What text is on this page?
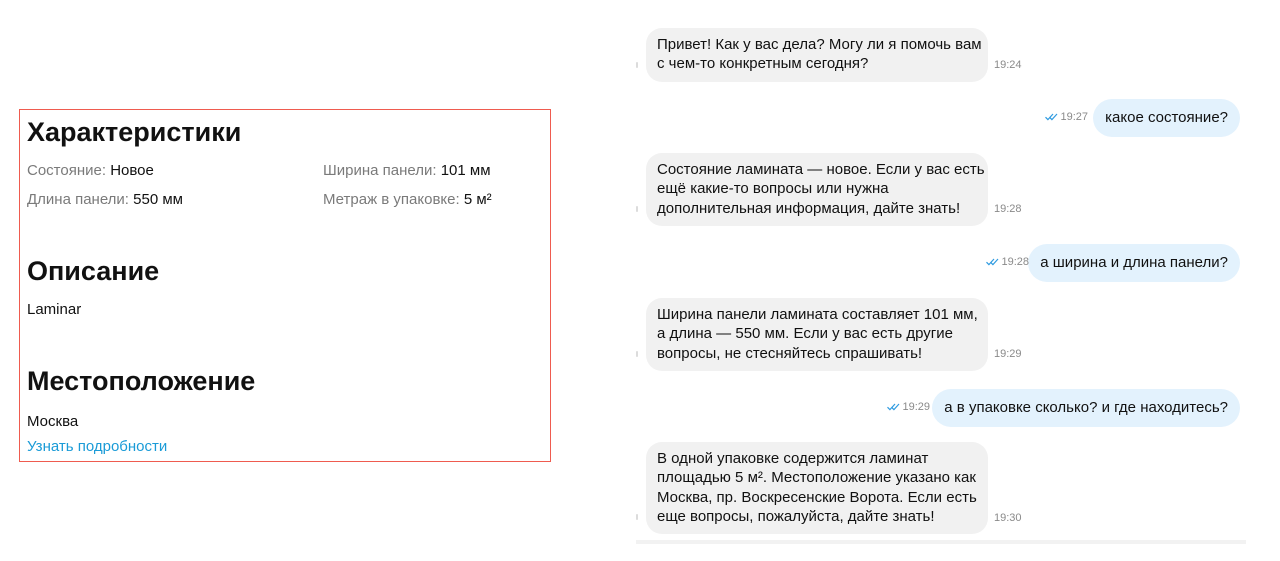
Характеристики
Состояние: Новое	Ширина панели: 101 мм
Длина панели: 550 мм	Метраж в упаковке: 5 м²
Описание
Laminar
Местоположение
Москва
Узнать подробности
Привет! Как у вас дела? Могу ли я помочь вам
с чем-то конкретным сегодня?	19:24
какое состояние?
19:27
Состояние ламината — новое. Если у вас есть
ещё какие-то вопросы или нужна
дополнительная информация, дайте знать!	19:28
а ширина и длина панели?
19:28
Ширина панели ламината составляет 101 мм,
а длина — 550 мм. Если у вас есть другие
вопросы, не стесняйтесь спрашивать!	19:29
а в упаковке сколько? и где находитесь?
19:29
В одной упаковке содержится ламинат
площадью 5 м². Местоположение указано как
Москва, пр. Воскресенские Ворота. Если есть
еще вопросы, пожалуйста, дайте знать!	19:30
